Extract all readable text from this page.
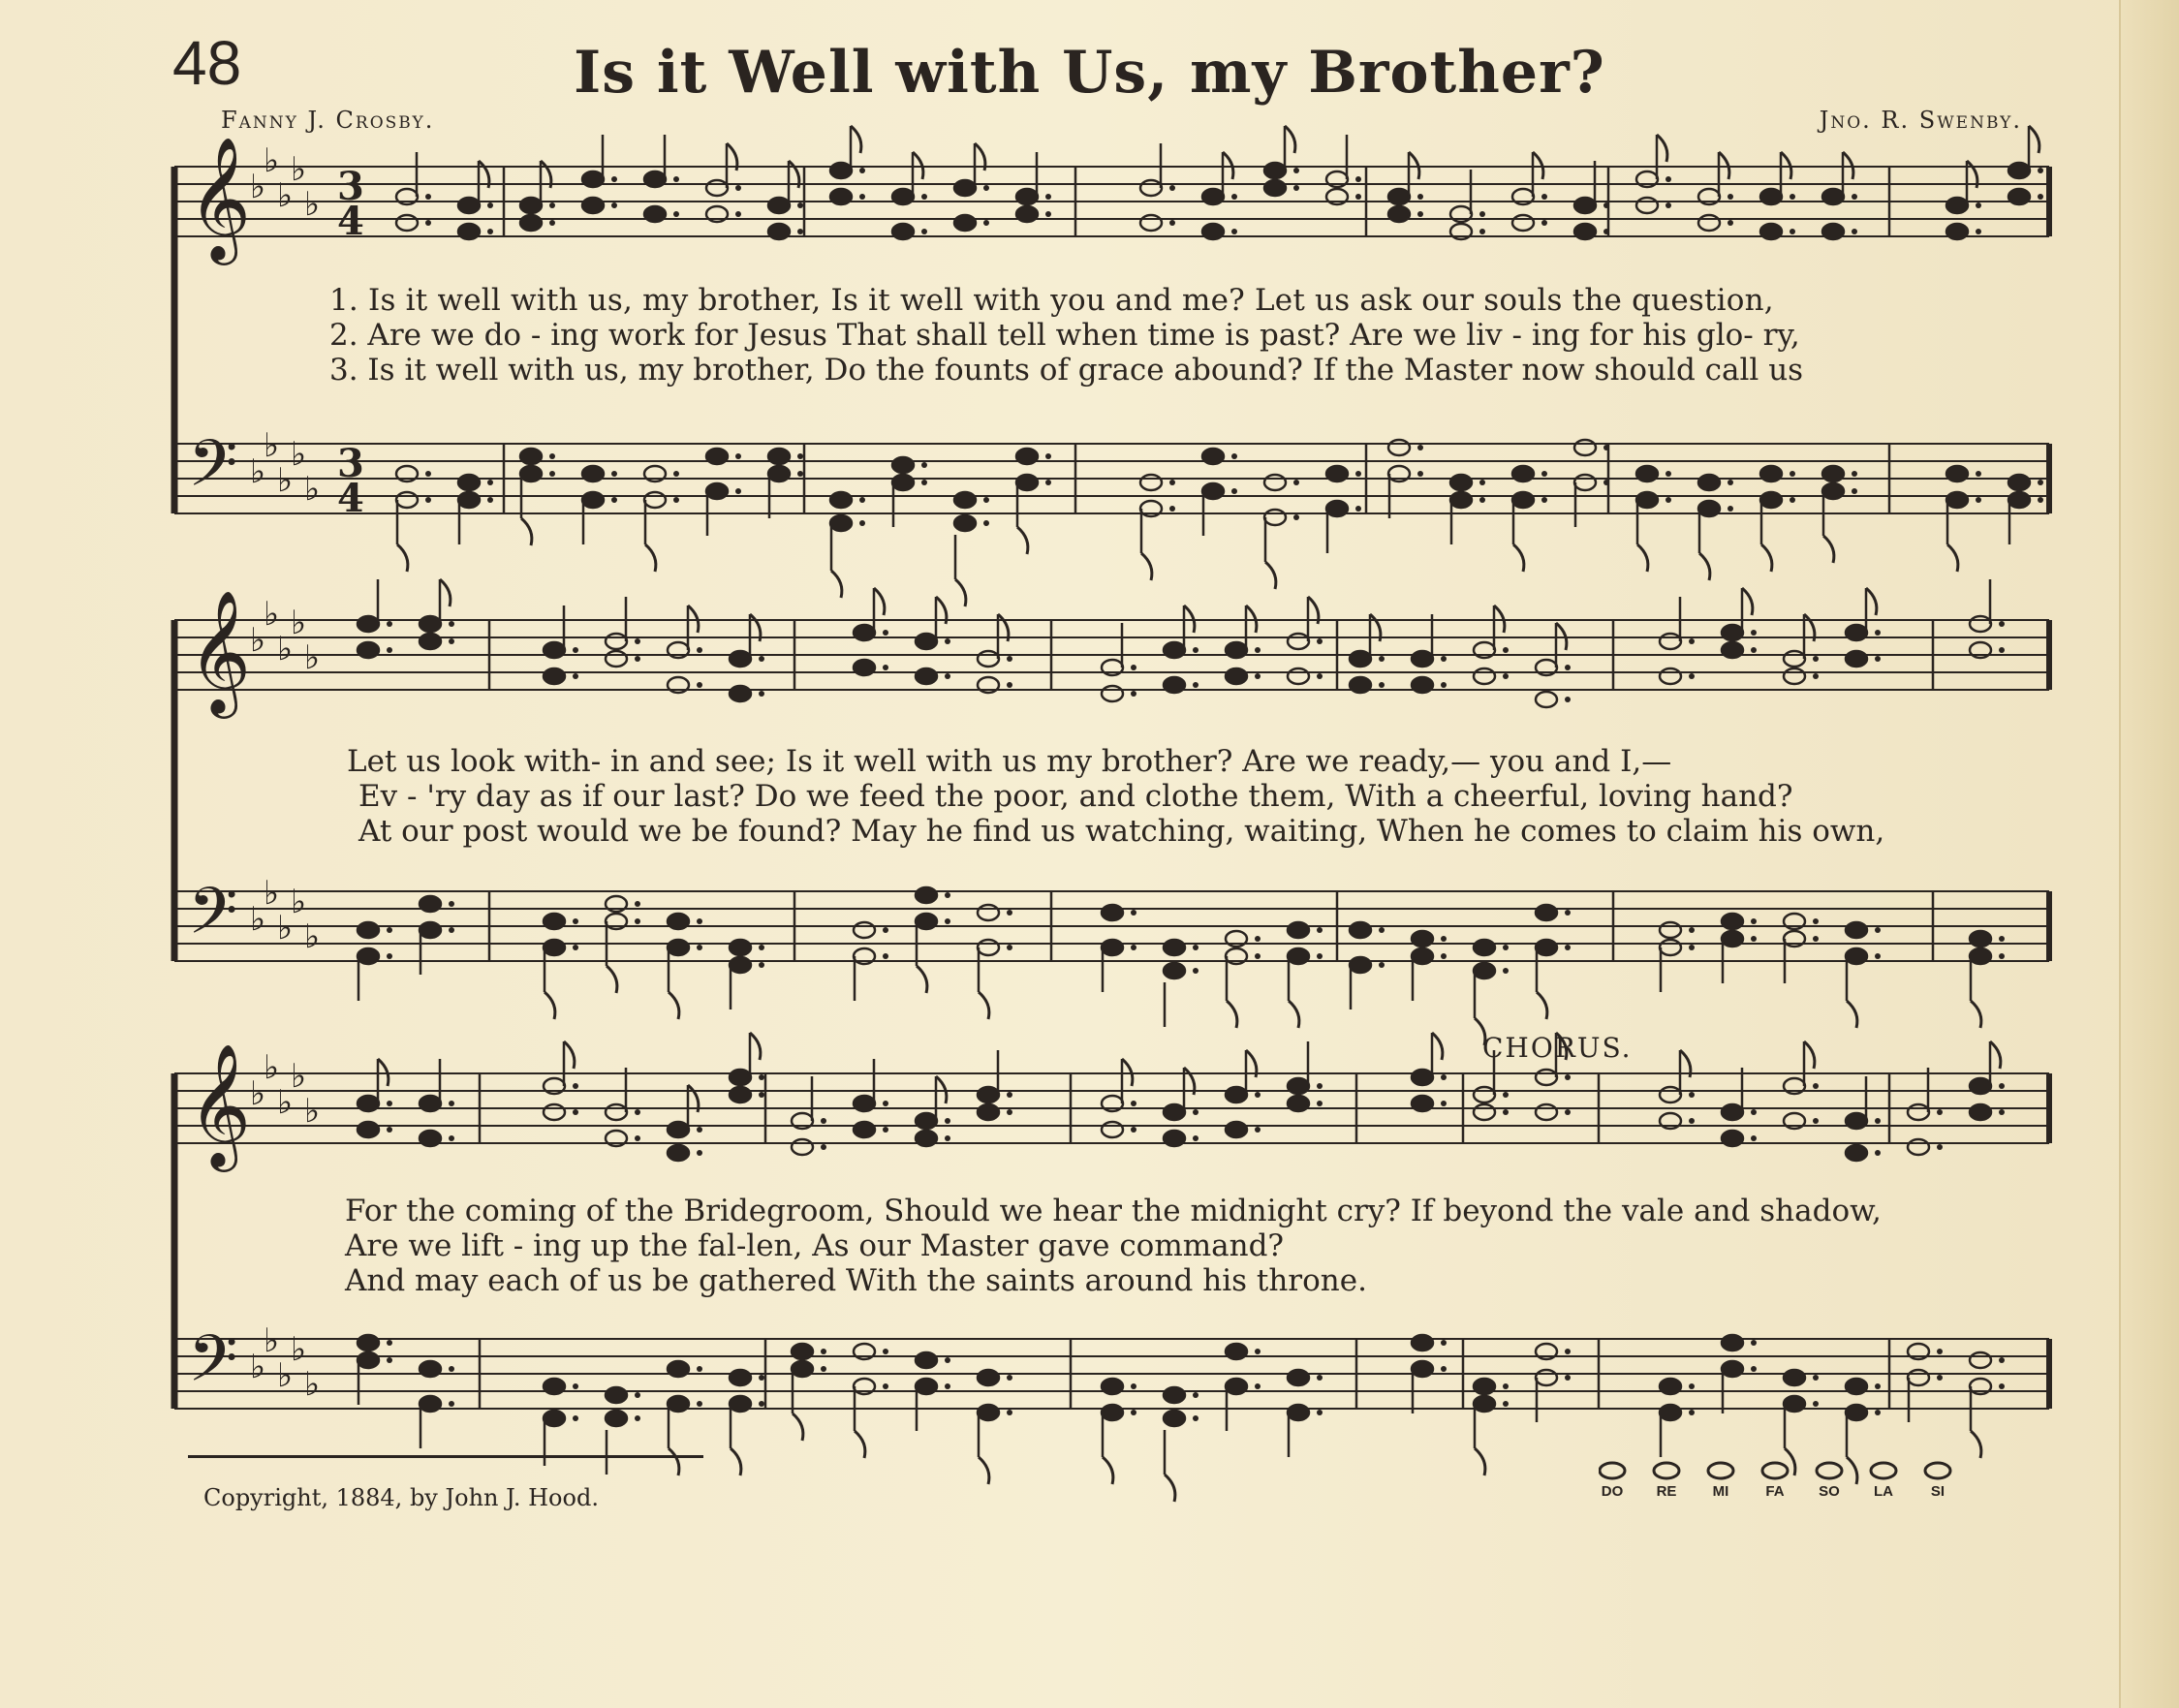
48	Is it Well with Us, my Brother?
Fanny J. Crosby.	Jno. R. Swenby.
𝄞
𝄢
♭
♭
♭
♭
♭
♭
♭
♭
♭
♭
3
4
3
4
𝄞
𝄢
♭
♭
♭
♭
♭
♭
♭
♭
♭
♭
𝄞
𝄢
♭
♭
♭
♭
♭
♭
♭
♭
♭
♭
1. Is it well with us, my brother, Is it well with you and me? Let us ask our souls the question,
2. Are we do - ing work for Jesus That shall tell when time is past? Are we liv - ing for his glo- ry,
3. Is it well with us, my brother, Do the founts of grace abound? If the Master now should call us
Let us look with- in and see; Is it well with us my brother? Are we ready,— you and I,—
Ev - 'ry day as if our last? Do we feed the poor, and clothe them, With a cheerful, loving hand?
At our post would we be found? May he find us watching, waiting, When he comes to claim his own,
CHORUS.
For the coming of the Bridegroom, Should we hear the midnight cry? If beyond the vale and shadow,
Are we lift - ing up the fal-len, As our Master gave command?
And may each of us be gathered With the saints around his throne.
Copyright, 1884, by John J. Hood.	DO RE MI	FA SO LA	SI
